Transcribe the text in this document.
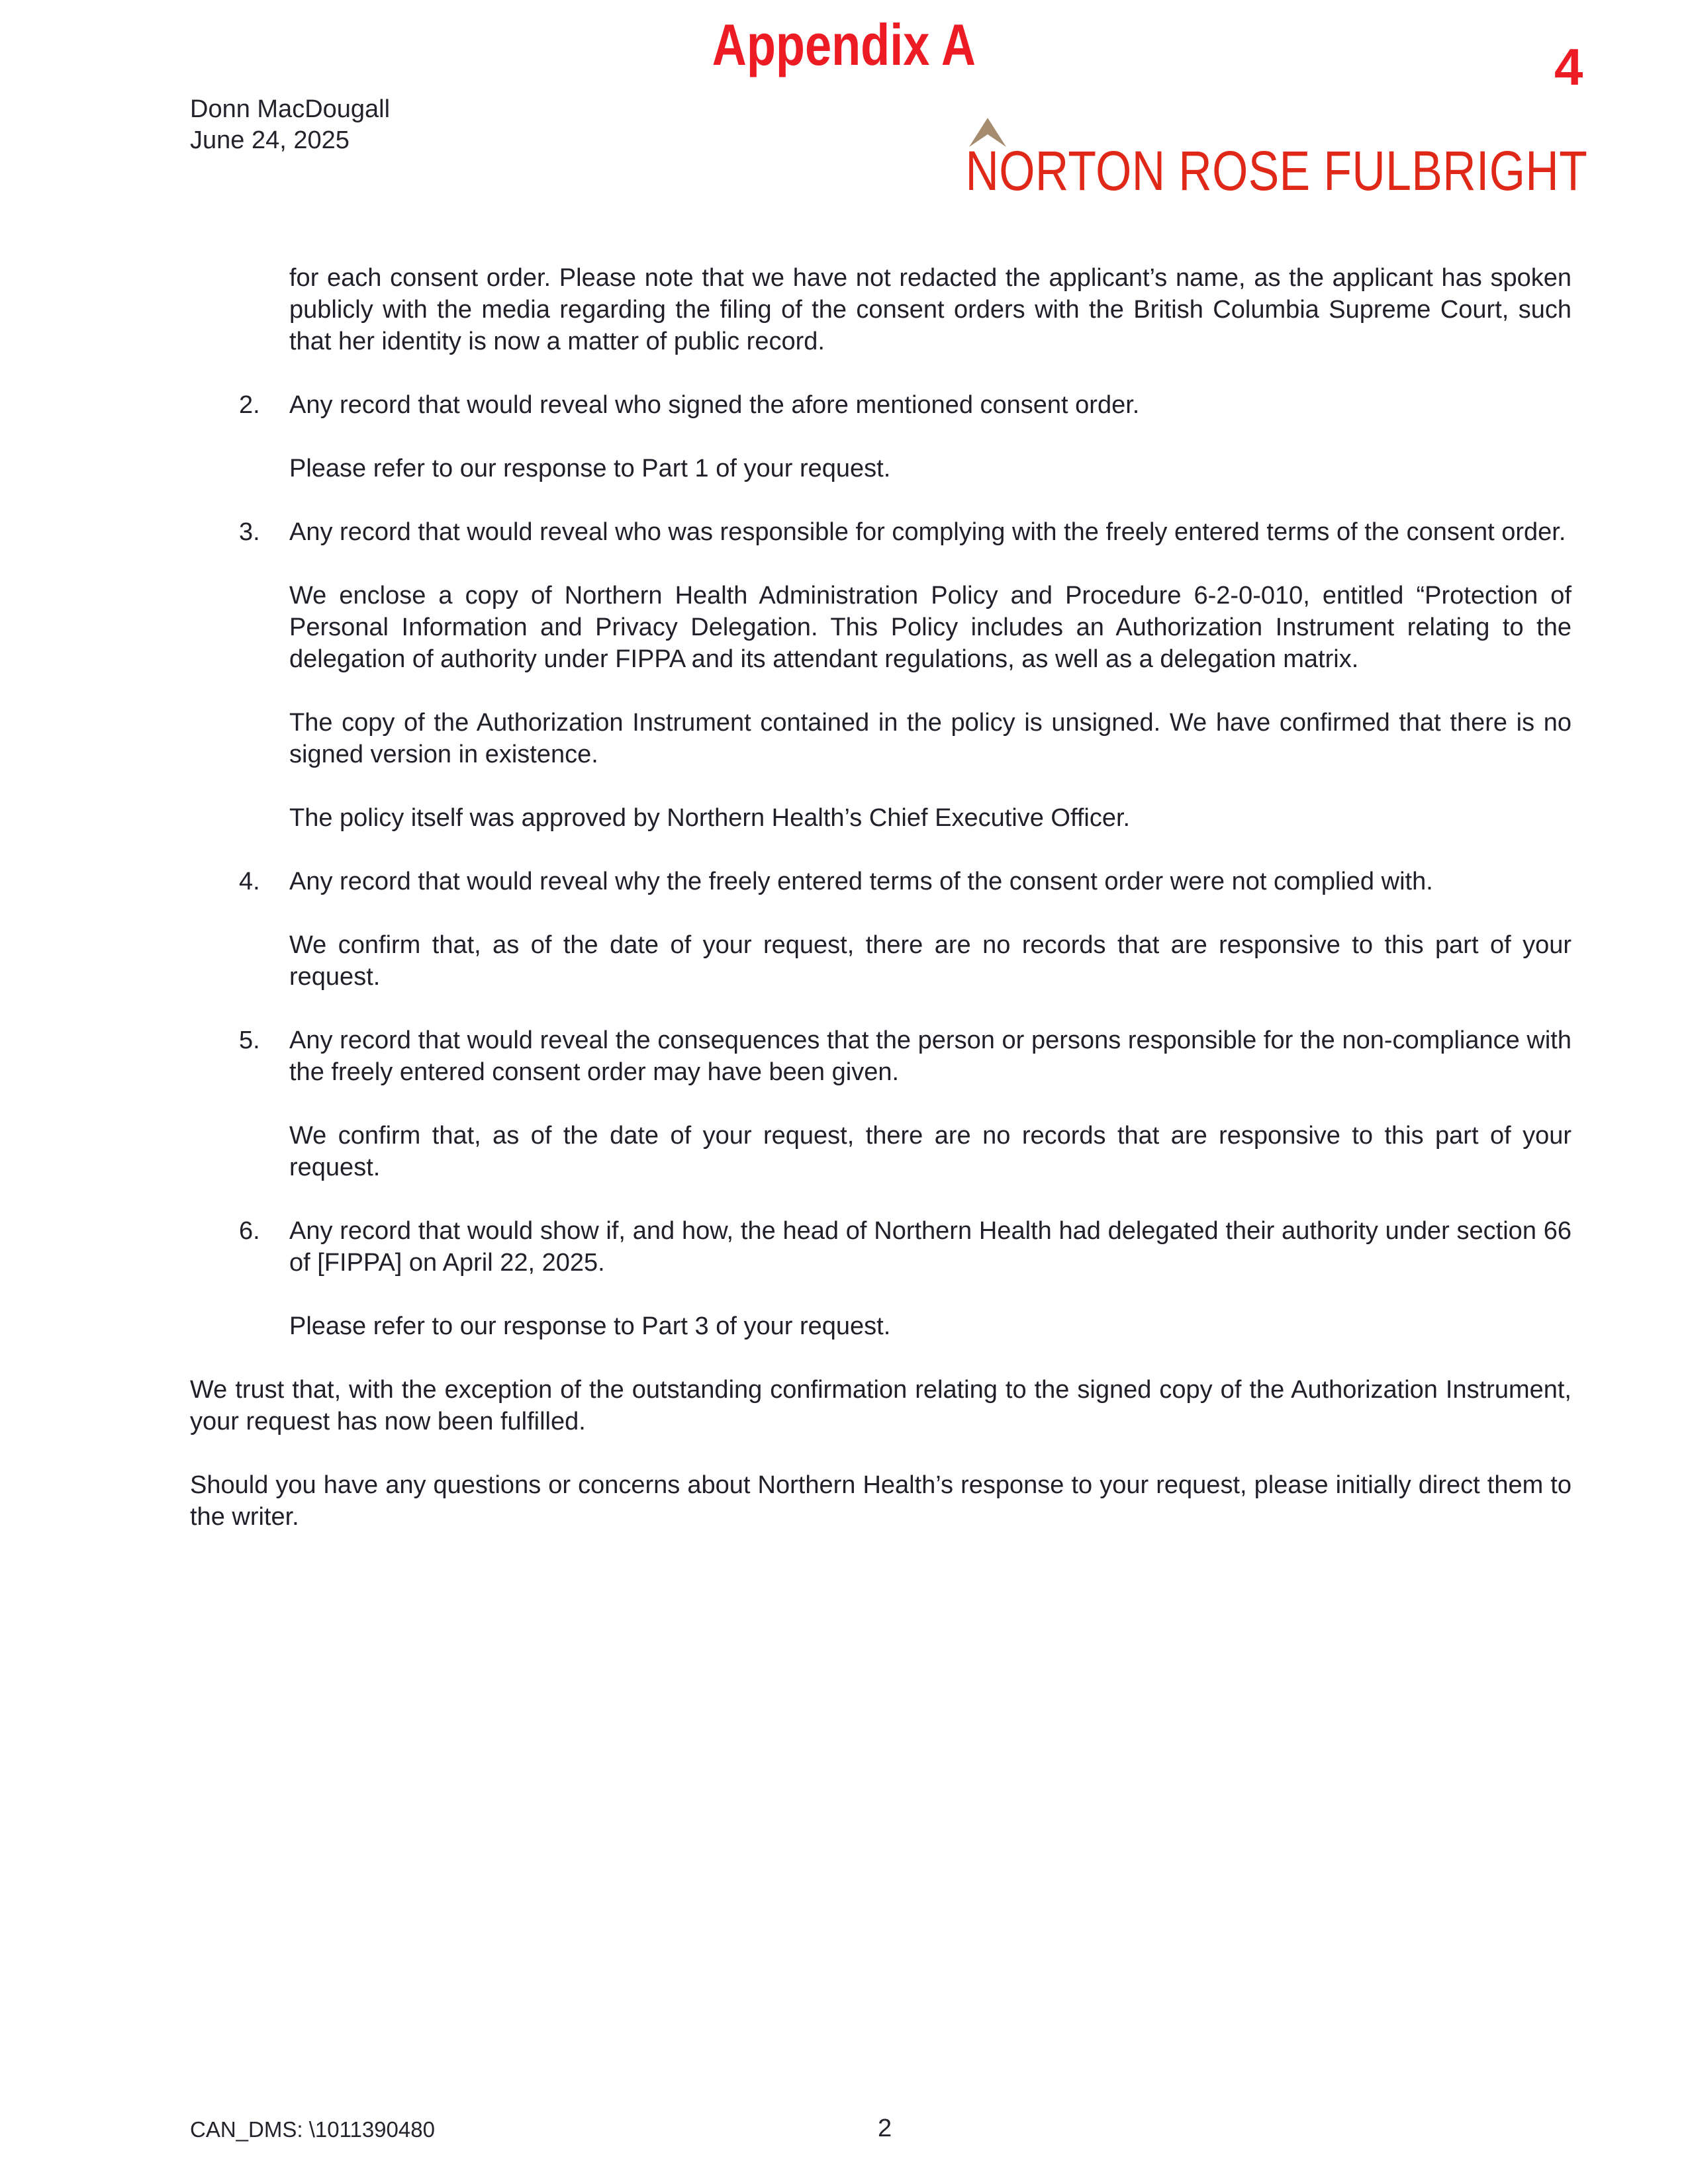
Appendix A	4
Donn MacDougall
June 24, 2025	NORTON ROSE FULBRIGHT

for each consent order. Please note that we have not redacted the applicant’s name, as the applicant has spoken publicly with the media regarding the filing of the consent orders with the British Columbia Supreme Court, such that her identity is now a matter of public record.

2.	Any record that would reveal who signed the afore mentioned consent order.

Please refer to our response to Part 1 of your request.

3.	Any record that would reveal who was responsible for complying with the freely entered terms of the consent order.

We enclose a copy of Northern Health Administration Policy and Procedure 6-2-0-010, entitled “Protection of Personal Information and Privacy Delegation. This Policy includes an Authorization Instrument relating to the delegation of authority under FIPPA and its attendant regulations, as well as a delegation matrix.

The copy of the Authorization Instrument contained in the policy is unsigned. We have confirmed that there is no signed version in existence.

The policy itself was approved by Northern Health’s Chief Executive Officer.

4.	Any record that would reveal why the freely entered terms of the consent order were not complied with.

We confirm that, as of the date of your request, there are no records that are responsive to this part of your request.

5.	Any record that would reveal the consequences that the person or persons responsible for the non-compliance with the freely entered consent order may have been given.

We confirm that, as of the date of your request, there are no records that are responsive to this part of your request.

6.	Any record that would show if, and how, the head of Northern Health had delegated their authority under section 66 of [FIPPA] on April 22, 2025.

Please refer to our response to Part 3 of your request.

We trust that, with the exception of the outstanding confirmation relating to the signed copy of the Authorization Instrument, your request has now been fulfilled.

Should you have any questions or concerns about Northern Health’s response to your request, please initially direct them to the writer.

CAN_DMS: \1011390480	2
